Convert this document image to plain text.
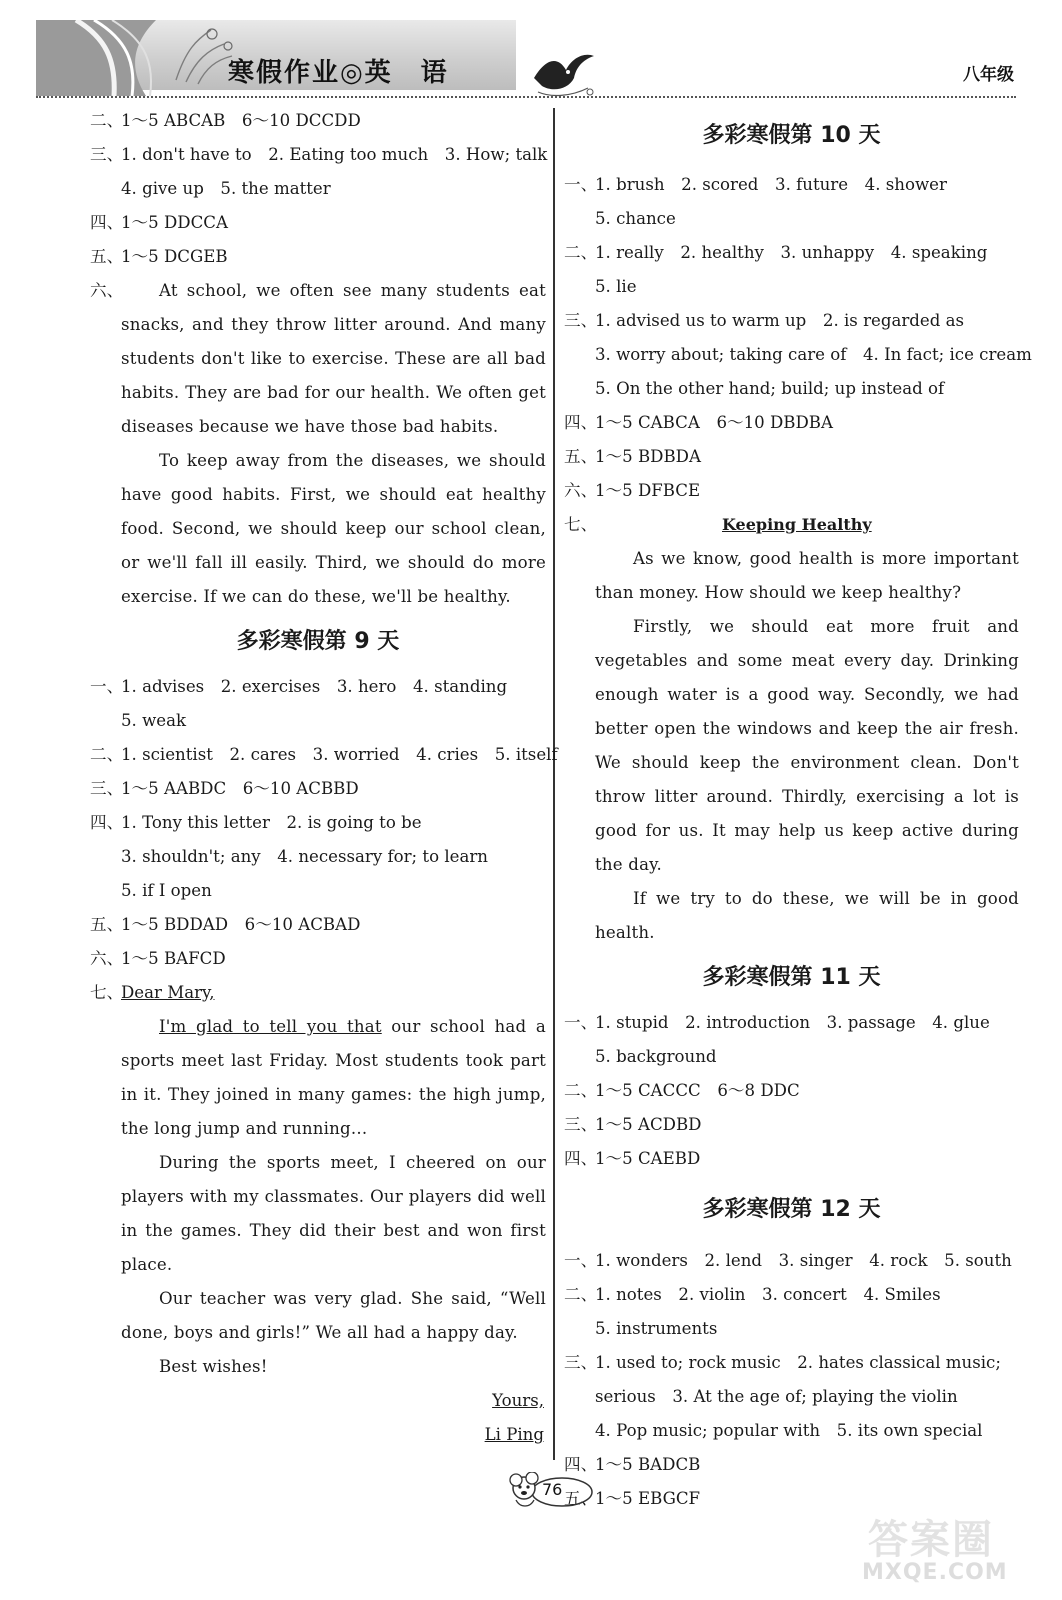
寒假作业◎英　语	八年级
二、1～5 ABCAB　6～10 DCCDD
三、1. don't have to　2. Eating too much　3. How; talk
4. give up　5. the matter
四、1～5 DDCCA
五、1～5 DCGEB
六、	At school, we often see many students eat snacks, and they throw litter around. And many students don't like to exercise. These are all bad habits. They are bad for our health. We often get diseases because we have those bad habits.
To keep away from the diseases, we should have good habits. First, we should eat healthy food. Second, we should keep our school clean, or we'll fall ill easily. Third, we should do more exercise. If we can do these, we'll be healthy.
多彩寒假第 9 天
一、1. advises　2. exercises　3. hero　4. standing
5. weak
二、1. scientist　2. cares　3. worried　4. cries　5. itself
三、1～5 AABDC　6～10 ACBBD
四、1. Tony this letter　2. is going to be
3. shouldn't; any　4. necessary for; to learn
5. if I open
五、1～5 BDDAD　6～10 ACBAD
六、1～5 BAFCD
七、Dear Mary,
I'm glad to tell you that our school had a sports meet last Friday. Most students took part in it. They joined in many games: the high jump, the long jump and running...
During the sports meet, I cheered on our players with my classmates. Our players did well in the games. They did their best and won first place.
Our teacher was very glad. She said, “Well done, boys and girls!” We all had a happy day.
Best wishes!
Yours,
Li Ping
多彩寒假第 10 天
一、1. brush　2. scored　3. future　4. shower
5. chance
二、1. really　2. healthy　3. unhappy　4. speaking
5. lie
三、1. advised us to warm up　2. is regarded as
3. worry about; taking care of　4. In fact; ice cream
5. On the other hand; build; up instead of
四、1～5 CABCA　6～10 DBDBA
五、1～5 BDBDA
六、1～5 DFBCE
七、	Keeping Healthy
As we know, good health is more important than money. How should we keep healthy?
Firstly, we should eat more fruit and vegetables and some meat every day. Drinking enough water is a good way. Secondly, we had better open the windows and keep the air fresh. We should keep the environment clean. Don't throw litter around. Thirdly, exercising a lot is good for us. It may help us keep active during the day.
If we try to do these, we will be in good health.
多彩寒假第 11 天
一、1. stupid　2. introduction　3. passage　4. glue
5. background
二、1～5 CACCC　6～8 DDC
三、1～5 ACDBD
四、1～5 CAEBD
多彩寒假第 12 天
一、1. wonders　2. lend　3. singer　4. rock　5. south
二、1. notes　2. violin　3. concert　4. Smiles
5. instruments
三、1. used to; rock music　2. hates classical music;
serious　3. At the age of; playing the violin
4. Pop music; popular with　5. its own special
四、1～5 BADCB
五、1～5 EBGCF
76
答案圈
MXQE.COM
